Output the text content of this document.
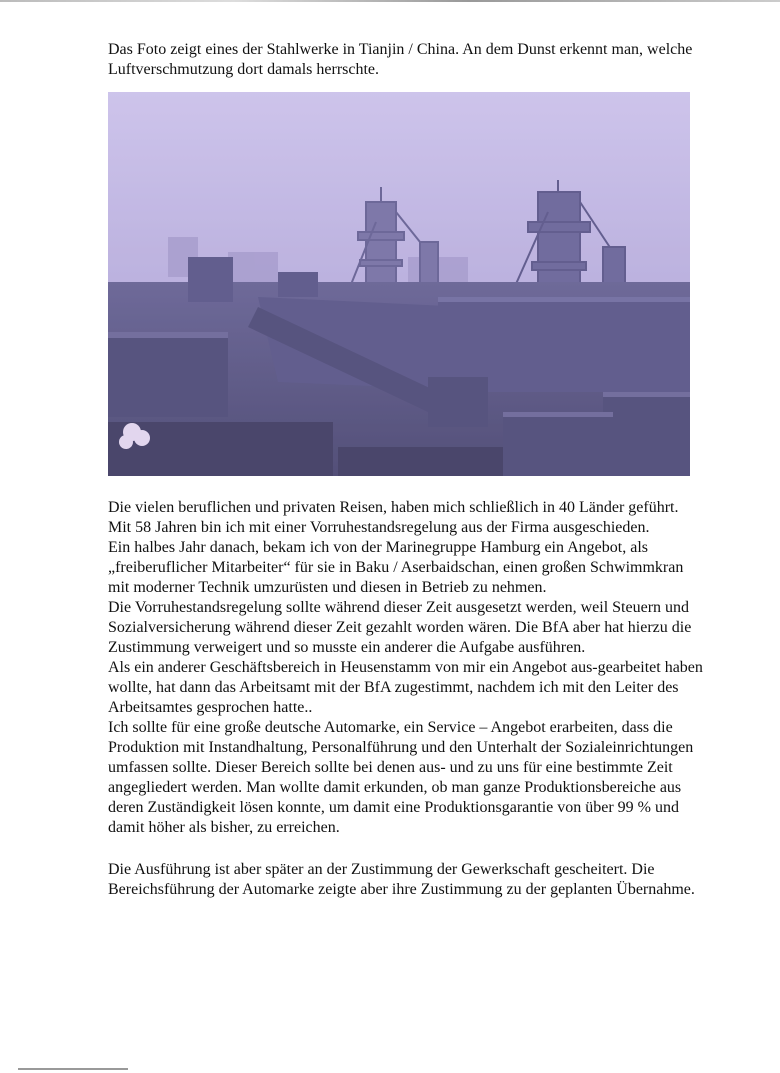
Das Foto zeigt eines der Stahlwerke in Tianjin / China. An dem Dunst erkennt man, welche Luftverschmutzung dort damals herrschte.

Die vielen beruflichen und privaten Reisen, haben mich schließlich in 40 Länder geführt.

Mit 58 Jahren bin ich mit einer Vorruhestandsregelung aus der Firma ausgeschieden.

Ein halbes Jahr danach, bekam ich von der Marinegruppe Hamburg ein Angebot, als „freiberuflicher Mitarbeiter“ für sie in Baku / Aserbaidschan, einen großen Schwimmkran mit moderner Technik umzurüsten und diesen in Betrieb zu nehmen.

Die Vorruhestandsregelung sollte während dieser Zeit ausgesetzt werden, weil Steuern und Sozialversicherung während dieser Zeit gezahlt worden wären. Die BfA aber hat hierzu die Zustimmung verweigert und so musste ein anderer die Aufgabe ausführen.

Als ein anderer Geschäftsbereich in Heusenstamm von mir ein Angebot aus-gearbeitet haben wollte, hat dann das Arbeitsamt mit der BfA zugestimmt, nachdem ich mit den Leiter des Arbeitsamtes gesprochen hatte..

Ich sollte für eine große deutsche Automarke, ein Service – Angebot erarbeiten, dass die Produktion mit Instandhaltung, Personalführung und den Unterhalt der Sozialeinrichtungen umfassen sollte. Dieser Bereich sollte bei denen aus- und zu uns für eine bestimmte Zeit angegliedert werden. Man wollte damit erkunden, ob man ganze Produktionsbereiche aus deren Zuständigkeit lösen konnte, um damit eine Produktionsgarantie von über 99 % und damit höher als bisher, zu erreichen.

Die Ausführung ist aber später an der Zustimmung der Gewerkschaft gescheitert. Die Bereichsführung der Automarke zeigte aber ihre Zustimmung zu der geplanten Übernahme.
